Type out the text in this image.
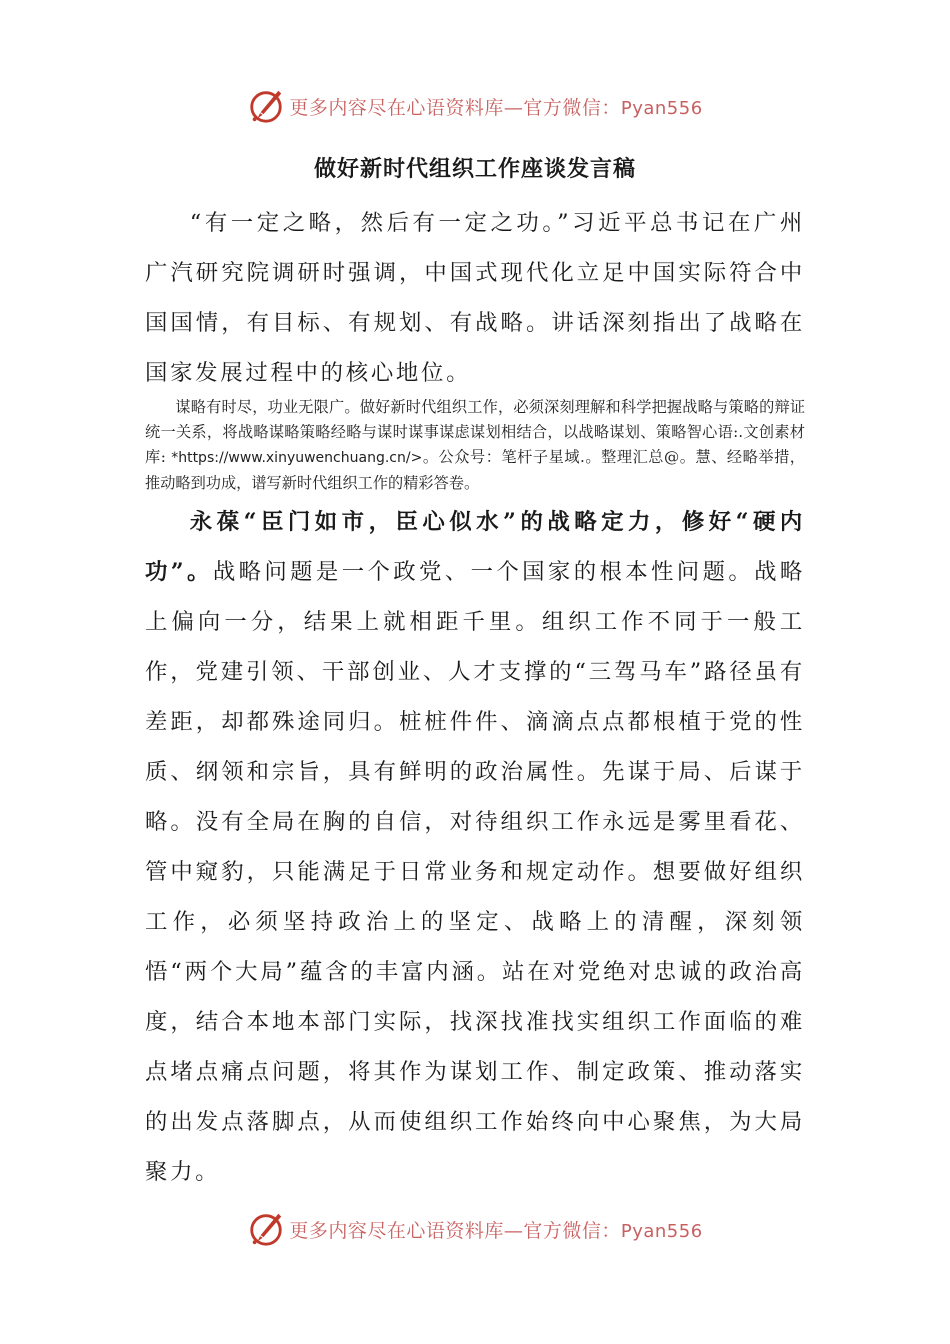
更多内容尽在心语资料库—官方微信：Pyan556
做好新时代组织工作座谈发言稿

“有一定之略，然后有一定之功。”习近平总书记在广州广汽研究院调研时强调，中国式现代化立足中国实际符合中国国情，有目标、有规划、有战略。讲话深刻指出了战略在国家发展过程中的核心地位。

谋略有时尽，功业无限广。做好新时代组织工作，必须深刻理解和科学把握战略与策略的辩证统一关系，将战略谋略策略经略与谋时谋事谋虑谋划相结合，以战略谋划、策略智心语:.文创素材库: *https://www.xinyuwenchuang.cn/>。公众号：笔杆子星域.。整理汇总@。慧、经略举措，推动略到功成，谱写新时代组织工作的精彩答卷。

永葆“臣门如市，臣心似水”的战略定力，修好“硬内功”。战略问题是一个政党、一个国家的根本性问题。战略上偏向一分，结果上就相距千里。组织工作不同于一般工作，党建引领、干部创业、人才支撑的“三驾马车”路径虽有差距，却都殊途同归。桩桩件件、滴滴点点都根植于党的性质、纲领和宗旨，具有鲜明的政治属性。先谋于局、后谋于略。没有全局在胸的自信，对待组织工作永远是雾里看花、管中窥豹，只能满足于日常业务和规定动作。想要做好组织工作，必须坚持政治上的坚定、战略上的清醒，深刻领悟“两个大局”蕴含的丰富内涵。站在对党绝对忠诚的政治高度，结合本地本部门实际，找深找准找实组织工作面临的难点堵点痛点问题，将其作为谋划工作、制定政策、推动落实的出发点落脚点，从而使组织工作始终向中心聚焦，为大局聚力。

更多内容尽在心语资料库—官方微信：Pyan556
